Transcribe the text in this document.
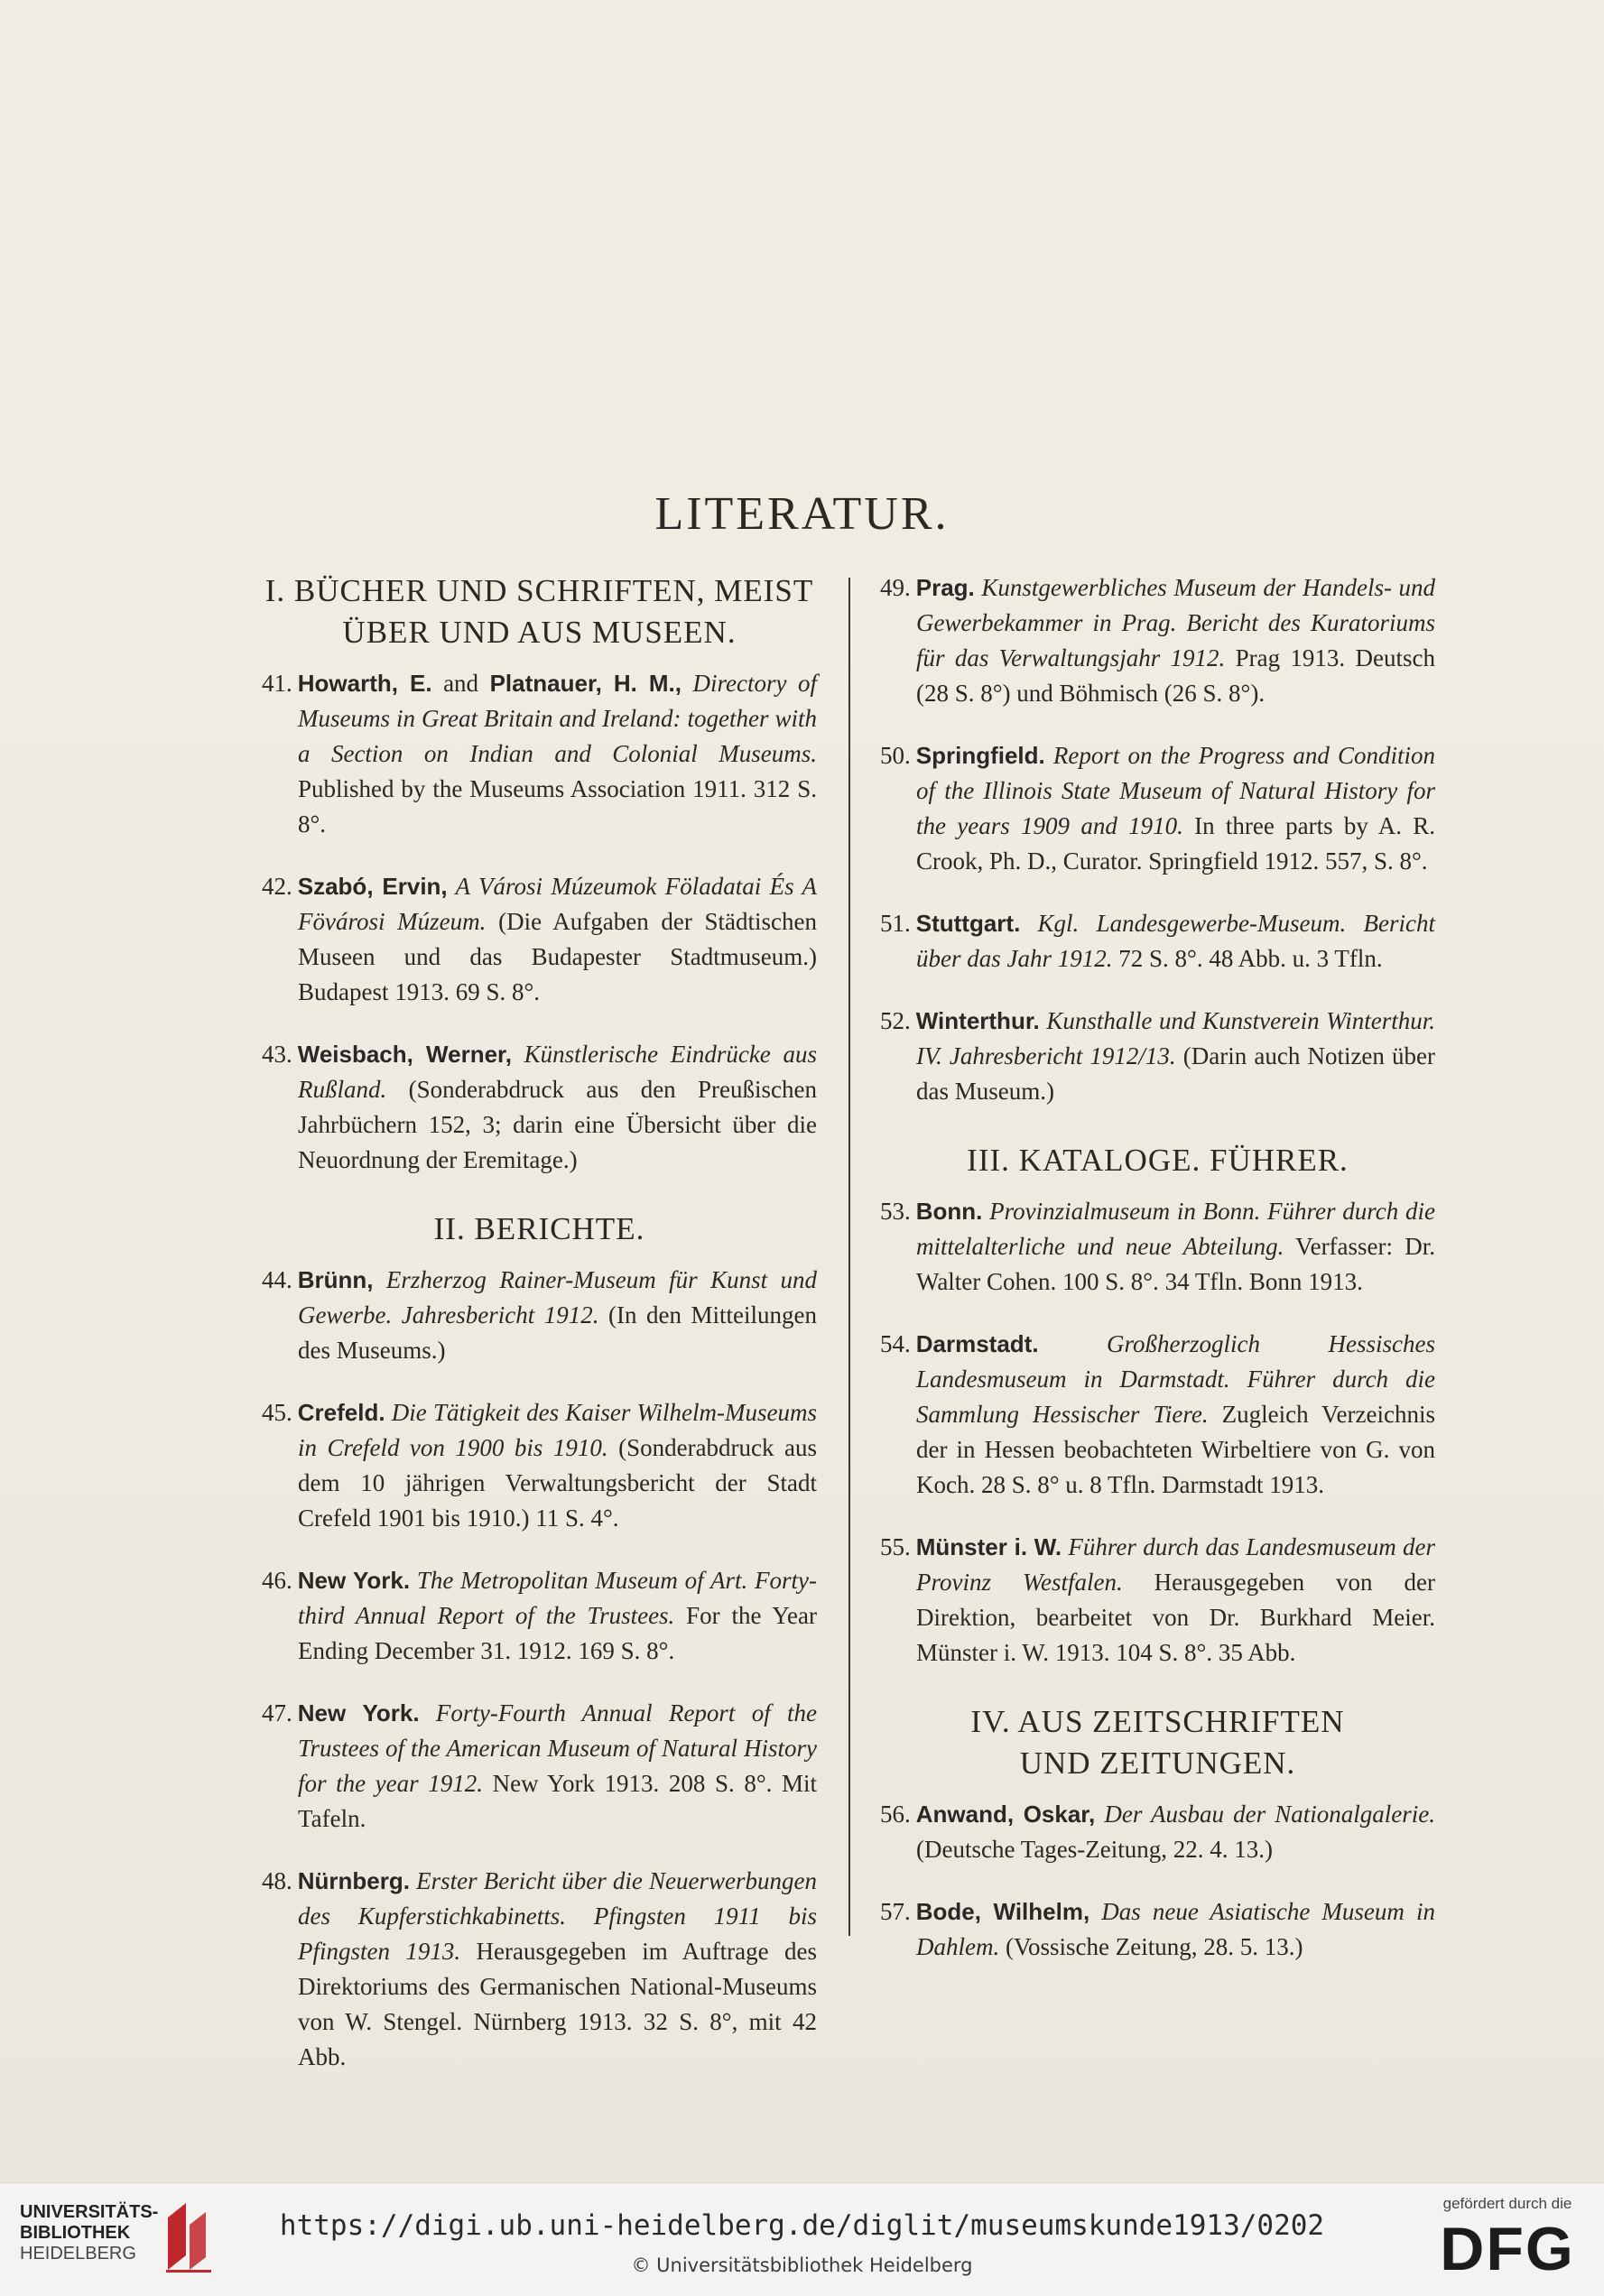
LITERATUR.
I. BÜCHER UND SCHRIFTEN, MEIST
ÜBER UND AUS MUSEEN.

41. Howarth, E. and Platnauer, H. M., Directory of Museums in Great Britain and Ireland: together with a Section on Indian and Colonial Museums. Published by the Museums Association 1911. 312 S. 8°.

42. Szabó, Ervin, A Városi Múzeumok Föladatai És A Fövárosi Múzeum. (Die Aufgaben der Städtischen Museen und das Budapester Stadtmuseum.) Budapest 1913. 69 S. 8°.

43. Weisbach, Werner, Künstlerische Eindrücke aus Rußland. (Sonderabdruck aus den Preußischen Jahrbüchern 152, 3; darin eine Übersicht über die Neuordnung der Eremitage.)

II. BERICHTE.

44. Brünn, Erzherzog Rainer-Museum für Kunst und Gewerbe. Jahresbericht 1912. (In den Mitteilungen des Museums.)

45. Crefeld. Die Tätigkeit des Kaiser Wilhelm-Museums in Crefeld von 1900 bis 1910. (Sonderabdruck aus dem 10 jährigen Verwaltungsbericht der Stadt Crefeld 1901 bis 1910.) 11 S. 4°.

46. New York. The Metropolitan Museum of Art. Forty-third Annual Report of the Trustees. For the Year Ending December 31. 1912. 169 S. 8°.

47. New York. Forty-Fourth Annual Report of the Trustees of the American Museum of Natural History for the year 1912. New York 1913. 208 S. 8°. Mit Tafeln.

48. Nürnberg. Erster Bericht über die Neuerwerbungen des Kupferstichkabinetts. Pfingsten 1911 bis Pfingsten 1913. Herausgegeben im Auftrage des Direktoriums des Germanischen National-Museums von W. Stengel. Nürnberg 1913. 32 S. 8°, mit 42 Abb.

49. Prag. Kunstgewerbliches Museum der Handels- und Gewerbekammer in Prag. Bericht des Kuratoriums für das Verwaltungsjahr 1912. Prag 1913. Deutsch (28 S. 8°) und Böhmisch (26 S. 8°).

50. Springfield. Report on the Progress and Condition of the Illinois State Museum of Natural History for the years 1909 and 1910. In three parts by A. R. Crook, Ph. D., Curator. Springfield 1912. 557, S. 8°.

51. Stuttgart. Kgl. Landesgewerbe-Museum. Bericht über das Jahr 1912. 72 S. 8°. 48 Abb. u. 3 Tfln.

52. Winterthur. Kunsthalle und Kunstverein Winterthur. IV. Jahresbericht 1912/13. (Darin auch Notizen über das Museum.)

III. KATALOGE. FÜHRER.

53. Bonn. Provinzialmuseum in Bonn. Führer durch die mittelalterliche und neue Abteilung. Verfasser: Dr. Walter Cohen. 100 S. 8°. 34 Tfln. Bonn 1913.

54. Darmstadt. Großherzoglich Hessisches Landesmuseum in Darmstadt. Führer durch die Sammlung Hessischer Tiere. Zugleich Verzeichnis der in Hessen beobachteten Wirbeltiere von G. von Koch. 28 S. 8° u. 8 Tfln. Darmstadt 1913.

55. Münster i. W. Führer durch das Landesmuseum der Provinz Westfalen. Herausgegeben von der Direktion, bearbeitet von Dr. Burkhard Meier. Münster i. W. 1913. 104 S. 8°. 35 Abb.

IV. AUS ZEITSCHRIFTEN
UND ZEITUNGEN.

56. Anwand, Oskar, Der Ausbau der Nationalgalerie. (Deutsche Tages-Zeitung, 22. 4. 13.)

57. Bode, Wilhelm, Das neue Asiatische Museum in Dahlem. (Vossische Zeitung, 28. 5. 13.)

UNIVERSITÄTS-
BIBLIOTHEK
HEIDELBERG
https://digi.ub.uni-heidelberg.de/diglit/museumskunde1913/0202
© Universitätsbibliothek Heidelberg
gefördert durch die
DFG
